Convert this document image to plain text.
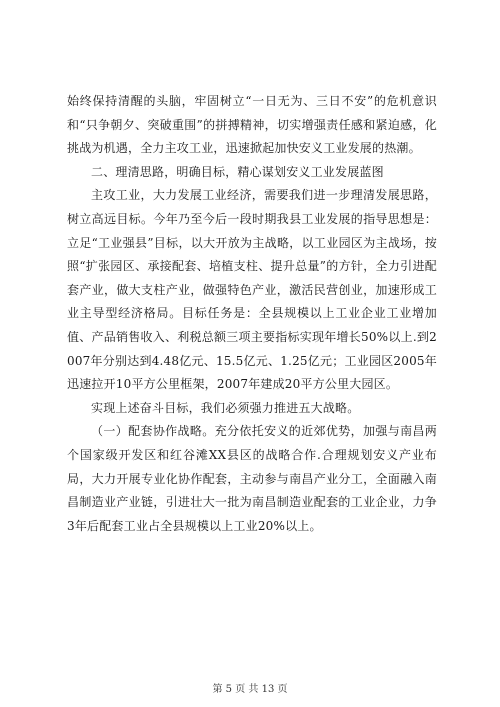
始终保持清醒的头脑，牢固树立“一日无为、三日不安”的危机意识和“只争朝夕、突破重围”的拼搏精神，切实增强责任感和紧迫感，化挑战为机遇，全力主攻工业，迅速掀起加快安义工业发展的热潮。

二、理清思路，明确目标，精心谋划安义工业发展蓝图

主攻工业，大力发展工业经济，需要我们进一步理清发展思路，树立高远目标。今年乃至今后一段时期我县工业发展的指导思想是：立足“工业强县”目标，以大开放为主战略，以工业园区为主战场，按照“扩张园区、承接配套、培植支柱、提升总量”的方针，全力引进配套产业，做大支柱产业，做强特色产业，激活民营创业，加速形成工业主导型经济格局。目标任务是：全县规模以上工业企业工业增加值、产品销售收入、利税总额三项主要指标实现年增长50%以上.到2007年分别达到4.48亿元、15.5亿元、1.25亿元；工业园区2005年迅速拉开10平方公里框架，2007年建成20平方公里大园区。

实现上述奋斗目标，我们必须强力推进五大战略。

（一）配套协作战略。充分依托安义的近郊优势，加强与南昌两个国家级开发区和红谷滩XX县区的战略合作.合理规划安义产业布局，大力开展专业化协作配套，主动参与南昌产业分工，全面融入南昌制造业产业链，引进壮大一批为南昌制造业配套的工业企业，力争3年后配套工业占全县规模以上工业20%以上。

第 5 页 共 13 页
